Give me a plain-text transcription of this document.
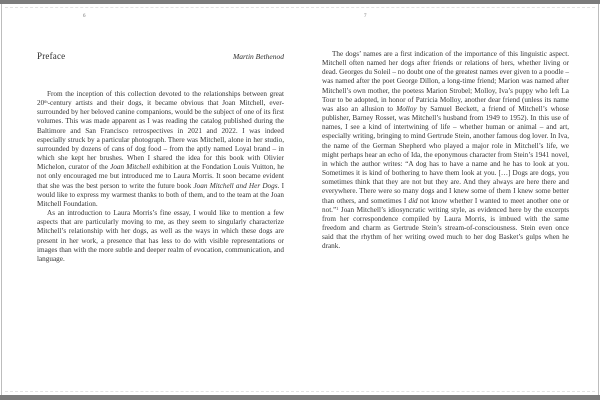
6
Preface	Martin Bethenod

From the inception of this collection devoted to the relationships between great 20th-century artists and their dogs, it became obvious that Joan Mitchell, ever-surrounded by her beloved canine companions, would be the subject of one of its first volumes. This was made apparent as I was reading the catalog published during the Baltimore and San Francisco retrospectives in 2021 and 2022. I was indeed especially struck by a particular photograph. There was Mitchell, alone in her studio, surrounded by dozens of cans of dog food – from the aptly named Loyal brand – in which she kept her brushes. When I shared the idea for this book with Olivier Michelon, curator of the Joan Mitchell exhibition at the Fondation Louis Vuitton, he not only encouraged me but introduced me to Laura Morris. It soon became evident that she was the best person to write the future book Joan Mitchell and Her Dogs. I would like to express my warmest thanks to both of them, and to the team at the Joan Mitchell Foundation.

As an introduction to Laura Morris’s fine essay, I would like to mention a few aspects that are particularly moving to me, as they seem to singularly characterize Mitchell’s relationship with her dogs, as well as the ways in which these dogs are present in her work, a presence that has less to do with visible representations or images than with the more subtle and deeper realm of evocation, communication, and language.

7

The dogs’ names are a first indication of the importance of this linguistic aspect. Mitchell often named her dogs after friends or relations of hers, whether living or dead. Georges du Soleil – no doubt one of the greatest names ever given to a poodle – was named after the poet George Dillon, a long-time friend; Marion was named after Mitchell’s own mother, the poetess Marion Strobel; Molloy, Iva’s puppy who left La Tour to be adopted, in honor of Patricia Molloy, another dear friend (unless its name was also an allusion to Molloy by Samuel Beckett, a friend of Mitchell’s whose publisher, Barney Rosset, was Mitchell’s husband from 1949 to 1952). In this use of names, I see a kind of intertwining of life – whether human or animal – and art, especially writing, bringing to mind Gertrude Stein, another famous dog lover. In Iva, the name of the German Shepherd who played a major role in Mitchell’s life, we might perhaps hear an echo of Ida, the eponymous character from Stein’s 1941 novel, in which the author writes: “A dog has to have a name and he has to look at you. Sometimes it is kind of bothering to have them look at you. […] Dogs are dogs, you sometimes think that they are not but they are. And they always are here there and everywhere. There were so many dogs and I knew some of them I knew some better than others, and sometimes I did not know whether I wanted to meet another one or not.”$^1$ Joan Mitchell’s idiosyncratic writing style, as evidenced here by the excerpts from her correspondence compiled by Laura Morris, is imbued with the same freedom and charm as Gertrude Stein’s stream-of-consciousness. Stein even once said that the rhythm of her writing owed much to her dog Basket’s gulps when he drank.
